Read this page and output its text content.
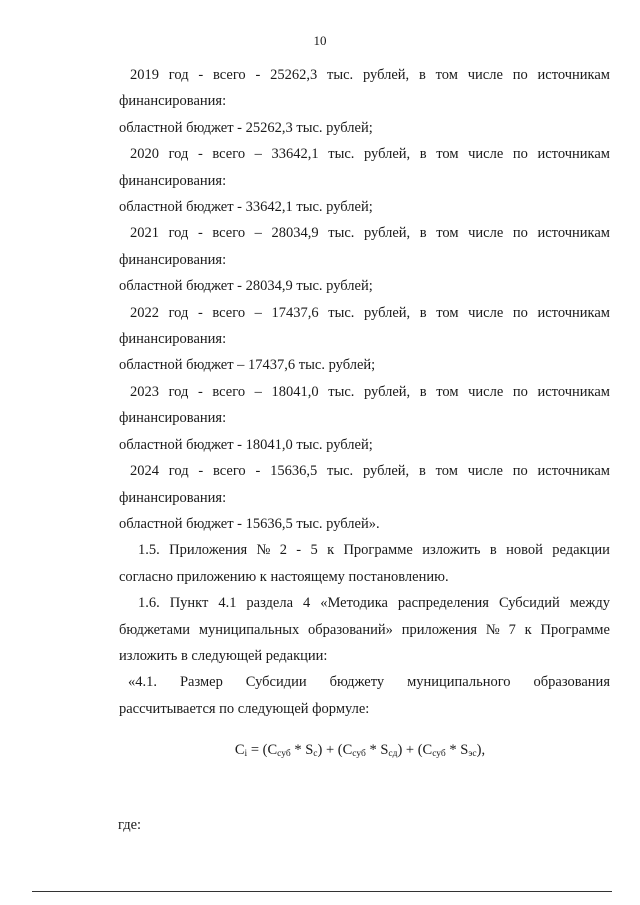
10
2019 год - всего - 25262,3 тыс. рублей, в том числе по источникам
финансирования:
областной бюджет - 25262,3 тыс. рублей;
2020 год - всего – 33642,1 тыс. рублей, в том числе по источникам
финансирования:
областной бюджет - 33642,1 тыс. рублей;
2021 год - всего – 28034,9 тыс. рублей, в том числе по источникам
финансирования:
областной бюджет - 28034,9 тыс. рублей;
2022 год - всего – 17437,6 тыс. рублей, в том числе по источникам
финансирования:
областной бюджет – 17437,6 тыс. рублей;
2023 год - всего – 18041,0 тыс. рублей, в том числе по источникам
финансирования:
областной бюджет - 18041,0 тыс. рублей;
2024 год - всего - 15636,5 тыс. рублей, в том числе по источникам
финансирования:
областной бюджет - 15636,5 тыс. рублей».
1.5. Приложения № 2 - 5 к Программе изложить в новой редакции
согласно приложению к настоящему постановлению.
1.6. Пункт 4.1 раздела 4 «Методика распределения Субсидий между
бюджетами муниципальных образований» приложения № 7 к Программе
изложить в следующей редакции:
«4.1. Размер Субсидии бюджету муниципального образования
рассчитывается по следующей формуле:
$C_i = (C_{суб} * S_с) + (C_{суб} * S_{сд}) + (C_{суб} * S_{эс})$,
где:
